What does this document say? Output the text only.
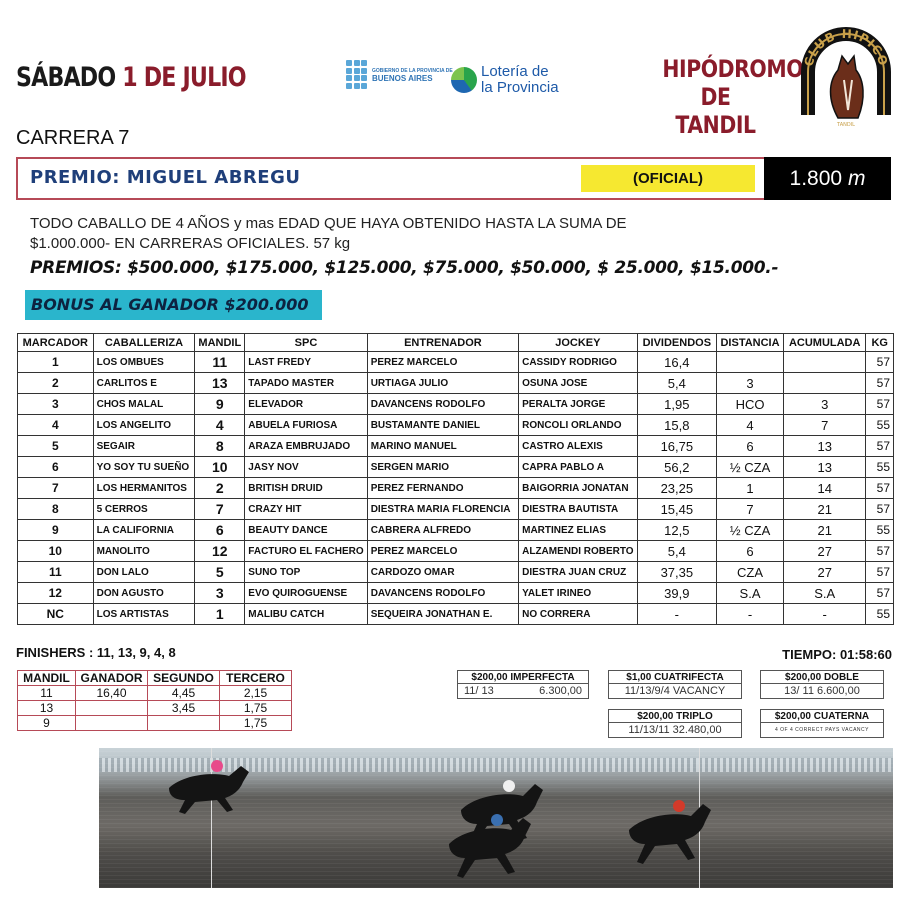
SÁBADO 1 DE JULIO	GOBIERNO DE LA PROVINCIA DE
BUENOS AIRES	Lotería de
la Provincia
HIPÓDROMO
DE TANDIL
CLUB HIPICO
TANDIL
CARRERA 7
PREMIO: MIGUEL ABREGU	(OFICIAL)	1.800 m
TODO CABALLO DE 4 AÑOS y mas EDAD QUE HAYA OBTENIDO HASTA LA SUMA DE
$1.000.000- EN CARRERAS OFICIALES. 57 kg
PREMIOS: $500.000, $175.000, $125.000, $75.000, $50.000, $ 25.000, $15.000.-
BONUS AL GANADOR $200.000
MARCADOR	CABALLERIZA	MANDIL	SPC	ENTRENADOR	JOCKEY	DIVIDENDOS	DISTANCIA	ACUMULADA	KG
1	LOS OMBUES	11	LAST FREDY	PEREZ MARCELO	CASSIDY RODRIGO	16,4			57
2	CARLITOS E	13	TAPADO MASTER	URTIAGA JULIO	OSUNA JOSE	5,4	3		57
3	CHOS MALAL	9	ELEVADOR	DAVANCENS RODOLFO	PERALTA JORGE	1,95	HCO	3	57
4	LOS ANGELITO	4	ABUELA FURIOSA	BUSTAMANTE DANIEL	RONCOLI ORLANDO	15,8	4	7	55
5	SEGAIR	8	ARAZA EMBRUJADO	MARINO MANUEL	CASTRO ALEXIS	16,75	6	13	57
6	YO SOY TU SUEÑO	10	JASY NOV	SERGEN MARIO	CAPRA PABLO A	56,2	½ CZA	13	55
7	LOS HERMANITOS	2	BRITISH DRUID	PEREZ FERNANDO	BAIGORRIA JONATAN	23,25	1	14	57
8	5 CERROS	7	CRAZY HIT	DIESTRA MARIA FLORENCIA	DIESTRA BAUTISTA	15,45	7	21	57
9	LA CALIFORNIA	6	BEAUTY DANCE	CABRERA ALFREDO	MARTINEZ ELIAS	12,5	½ CZA	21	55
10	MANOLITO	12	FACTURO EL FACHERO	PEREZ MARCELO	ALZAMENDI ROBERTO	5,4	6	27	57
11	DON LALO	5	SUNO TOP	CARDOZO OMAR	DIESTRA JUAN CRUZ	37,35	CZA	27	57
12	DON AGUSTO	3	EVO QUIROGUENSE	DAVANCENS RODOLFO	YALET IRINEO	39,9	S.A	S.A	57
NC	LOS ARTISTAS	1	MALIBU CATCH	SEQUEIRA JONATHAN E.	NO CORRERA	-	-	-	55
FINISHERS : 11, 13, 9, 4, 8	TIEMPO: 01:58:60
MANDIL	GANADOR	SEGUNDO	TERCERO
11	16,40	4,45	2,15
13		3,45	1,75
9			1,75
$200,00 IMPERFECTA
11/ 13	6.300,00
$1,00 CUATRIFECTA
11/13/9/4 VACANCY
$200,00 DOBLE
13/ 11 6.600,00
$200,00 TRIPLO
11/13/11 32.480,00
$200,00 CUATERNA
4 OF 4 CORRECT PAYS VACANCY
